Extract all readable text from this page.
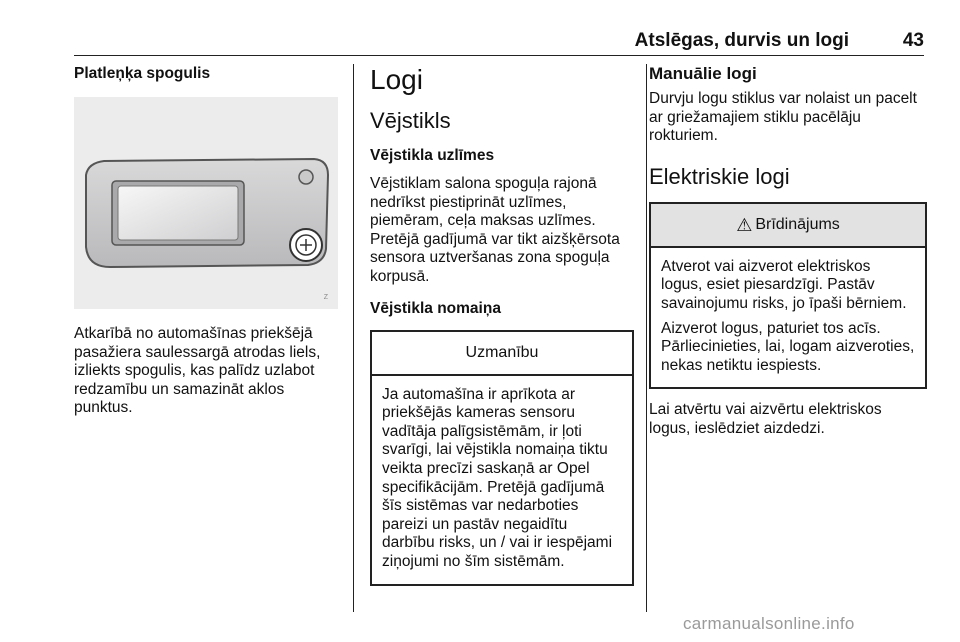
Atslēgas, durvis un logi	43
Platleņķa spogulis
Z
Atkarībā no automašīnas priekšējā pasažiera saulessargā atrodas liels, izliekts spogulis, kas palīdz uzlabot redzamību un samazināt aklos punktus.
Logi
Vējstikls
Vējstikla uzlīmes
Vējstiklam salona spoguļa rajonā nedrīkst piestiprināt uzlīmes, piemēram, ceļa maksas uzlīmes. Pretējā gadījumā var tikt aizšķērsota sensora uztveršanas zona spoguļa korpusā.
Vējstikla nomaiņa
Uzmanību
Ja automašīna ir aprīkota ar priekšējās kameras sensoru vadītāja palīgsistēmām, ir ļoti svarīgi, lai vējstikla nomaiņa tiktu veikta precīzi saskaņā ar Opel specifikācijām. Pretējā gadījumā šīs sistēmas var nedarboties pareizi un pastāv negaidītu darbību risks, un / vai ir iespējami ziņojumi no šīm sistēmām.
Manuālie logi
Durvju logu stiklus var nolaist un pacelt ar griežamajiem stiklu pacēlāju rokturiem.
Elektriskie logi
⚠ Brīdinājums
Atverot vai aizverot elektriskos logus, esiet piesardzīgi. Pastāv savainojumu risks, jo īpaši bērniem.
Aizverot logus, paturiet tos acīs. Pārliecinieties, lai, logam aizveroties, nekas netiktu iespiests.
Lai atvērtu vai aizvērtu elektriskos logus, ieslēdziet aizdedzi.
carmanualsonline.info
